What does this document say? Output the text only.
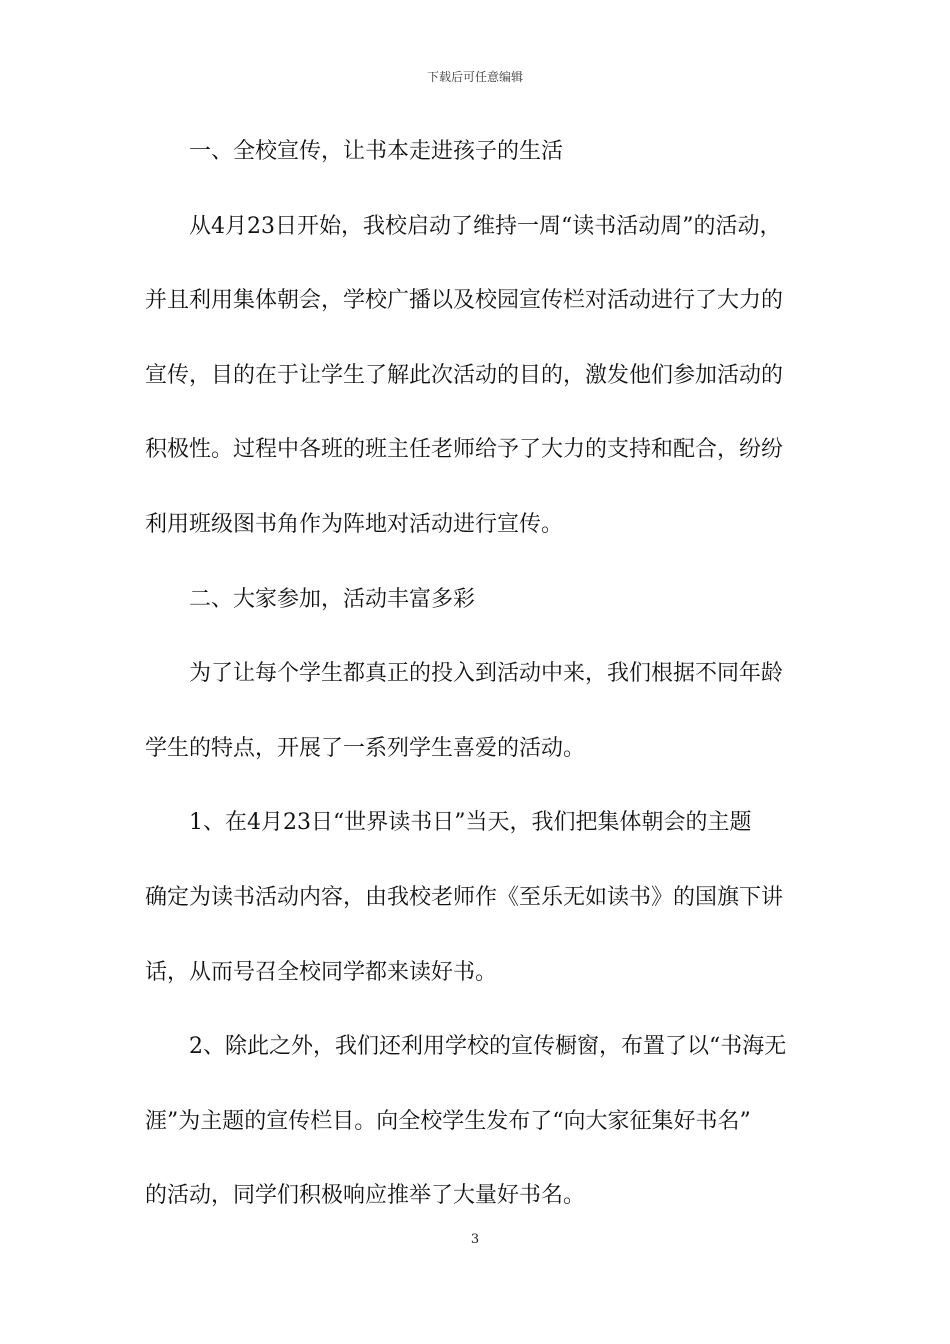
下载后可任意编辑
一、全校宣传，让书本走进孩子的生活
从4月23日开始，我校启动了维持一周“读书活动周”的活动，
并且利用集体朝会，学校广播以及校园宣传栏对活动进行了大力的
宣传，目的在于让学生了解此次活动的目的，激发他们参加活动的
积极性。过程中各班的班主任老师给予了大力的支持和配合，纷纷
利用班级图书角作为阵地对活动进行宣传。
二、大家参加，活动丰富多彩
为了让每个学生都真正的投入到活动中来，我们根据不同年龄
学生的特点，开展了一系列学生喜爱的活动。
1、在4月23日“世界读书日”当天，我们把集体朝会的主题
确定为读书活动内容，由我校老师作《至乐无如读书》的国旗下讲
话，从而号召全校同学都来读好书。
2、除此之外，我们还利用学校的宣传橱窗，布置了以“书海无
涯”为主题的宣传栏目。向全校学生发布了“向大家征集好书名”
的活动，同学们积极响应推举了大量好书名。
3
